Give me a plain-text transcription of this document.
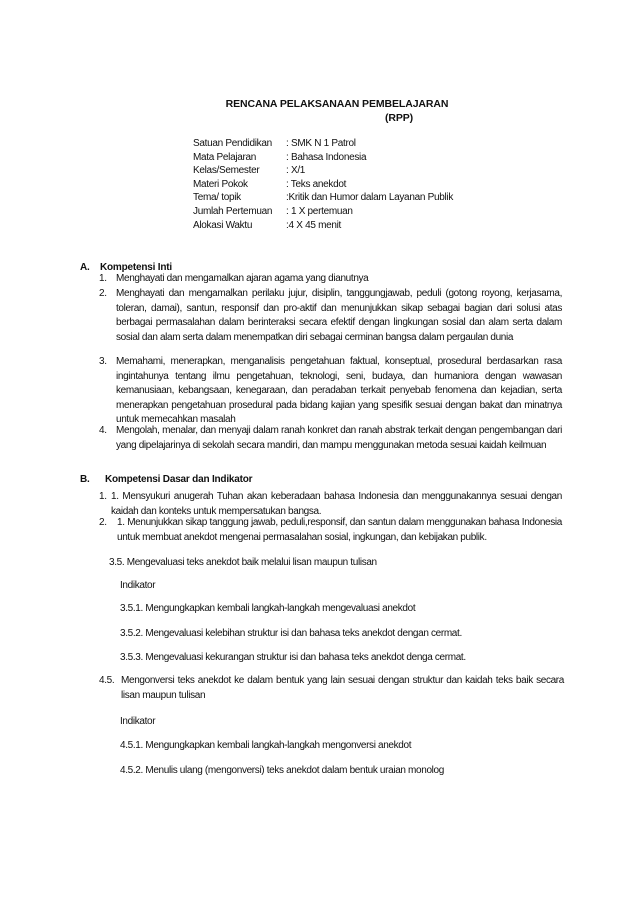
RENCANA PELAKSANAAN PEMBELAJARAN
(RPP)
Satuan Pendidikan : SMK N 1 Patrol
Mata Pelajaran	: Bahasa Indonesia
Kelas/Semester	: X/1
Materi Pokok	: Teks anekdot
Tema/ topik	:Kritik dan Humor dalam Layanan Publik
Jumlah Pertemuan : 1 X pertemuan
Alokasi Waktu	:4 X 45 menit
A. Kompetensi Inti
1. Menghayati dan mengamalkan ajaran agama yang dianutnya
2. Menghayati dan mengamalkan perilaku jujur, disiplin, tanggungjawab, peduli (gotong royong, kerjasama, toleran, damai), santun, responsif dan pro-aktif dan menunjukkan sikap sebagai bagian dari solusi atas berbagai permasalahan dalam berinteraksi secara efektif dengan lingkungan sosial dan alam serta dalam sosial dan alam serta dalam menempatkan diri sebagai cerminan bangsa dalam pergaulan dunia
3. Memahami, menerapkan, menganalisis pengetahuan faktual, konseptual, prosedural berdasarkan rasa ingintahunya tentang ilmu pengetahuan, teknologi, seni, budaya, dan humaniora dengan wawasan kemanusiaan, kebangsaan, kenegaraan, dan peradaban terkait penyebab fenomena dan kejadian, serta menerapkan pengetahuan prosedural pada bidang kajian yang spesifik sesuai dengan bakat dan minatnya untuk memecahkan masalah
4. Mengolah, menalar, dan menyaji dalam ranah konkret dan ranah abstrak terkait dengan pengembangan dari yang dipelajarinya di sekolah secara mandiri, dan mampu menggunakan metoda sesuai kaidah keilmuan
B. Kompetensi Dasar dan Indikator
1. 1. Mensyukuri anugerah Tuhan akan keberadaan bahasa Indonesia dan menggunakannya sesuai dengan kaidah dan konteks untuk mempersatukan bangsa.
2. 1. Menunjukkan sikap tanggung jawab, peduli,responsif, dan santun dalam menggunakan bahasa Indonesia untuk membuat anekdot mengenai permasalahan sosial, ingkungan, dan kebijakan publik.
3.5. Mengevaluasi teks anekdot baik melalui lisan maupun tulisan
Indikator
3.5.1. Mengungkapkan kembali langkah-langkah mengevaluasi anekdot
3.5.2. Mengevaluasi kelebihan struktur isi dan bahasa teks anekdot dengan cermat.
3.5.3. Mengevaluasi kekurangan struktur isi dan bahasa teks anekdot denga cermat.
4.5. Mengonversi teks anekdot ke dalam bentuk yang lain sesuai dengan struktur dan kaidah teks baik secara lisan maupun tulisan
Indikator
4.5.1. Mengungkapkan kembali langkah-langkah mengonversi anekdot
4.5.2. Menulis ulang (mengonversi) teks anekdot dalam bentuk uraian monolog
